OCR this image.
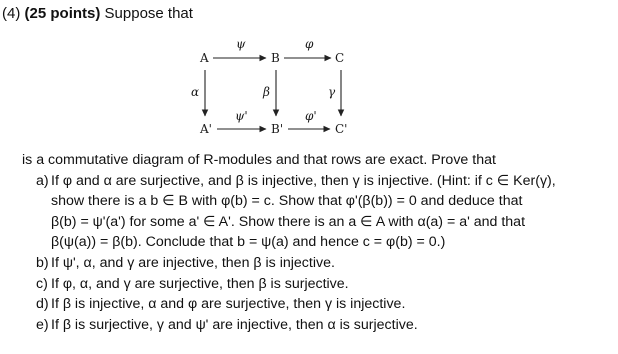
(4) (25 points) Suppose that
A	B	C
A'	B'	C'
ψ	φ
ψ'	φ'
α	β	γ

is a commutative diagram of R-modules and that rows are exact. Prove that

a) If φ and α are surjective, and β is injective, then γ is injective. (Hint: if c ∈ Ker(γ),

show there is a b ∈ B with φ(b) = c. Show that φ'(β(b)) = 0 and deduce that

β(b) = ψ'(a') for some a' ∈ A'. Show there is an a ∈ A with α(a) = a' and that

β(ψ(a)) = β(b). Conclude that b = ψ(a) and hence c = φ(b) = 0.)

b) If ψ', α, and γ are injective, then β is injective.

c) If φ, α, and γ are surjective, then β is surjective.

d) If β is injective, α and φ are surjective, then γ is injective.

e) If β is surjective, γ and ψ' are injective, then α is surjective.
